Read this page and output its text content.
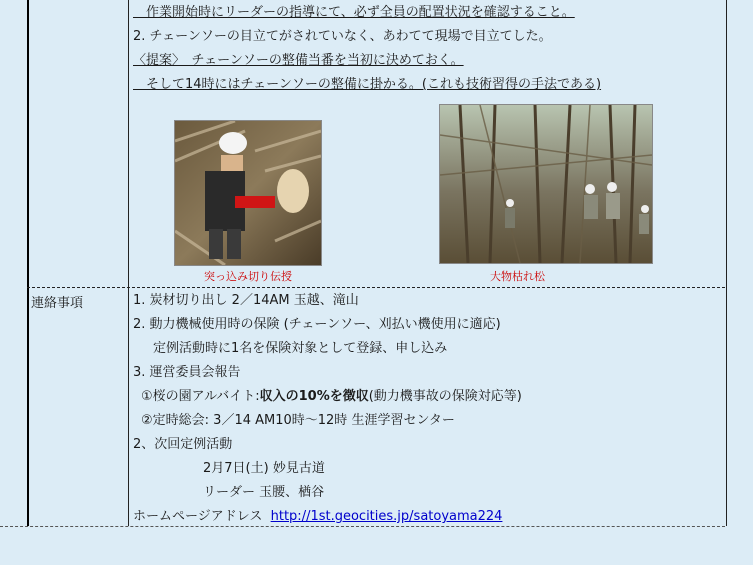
　作業開始時にリーダーの指導にて、必ず全員の配置状況を確認すること。
2. チェーンソーの目立てがされていなく、あわてて現場で目立てした。
〈提案〉　チェーンソーの整備当番を当初に決めておく。
　そして14時にはチェーンソーの整備に掛かる。(これも技術習得の手法である)
突っ込み切り伝授	大物枯れ松
連絡事項	1. 炭材切り出し 2／14AM 玉越、滝山
2. 動力機械使用時の保険 (チェーンソー、刈払い機使用に適応)
定例活動時に1名を保険対象として登録、申し込み
3. 運営委員会報告
①桜の園アルバイト:収入の10%を徴収(動力機事故の保険対応等)
②定時総会: 3／14 AM10時～12時 生涯学習センター
2、次回定例活動
2月7日(土) 妙見古道
リーダー 玉腰、楢谷
ホームページアドレス http://1st.geocities.jp/satoyama224
